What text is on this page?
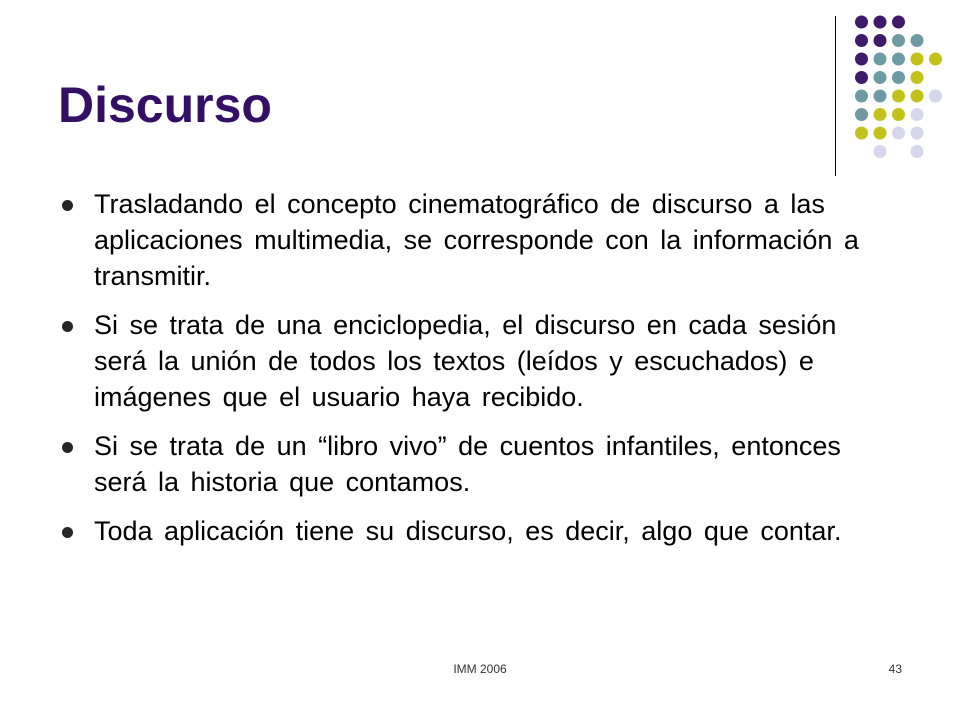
Discurso
Trasladando el concepto cinematográfico de discurso a las aplicaciones multimedia, se corresponde con la información a transmitir.
Si se trata de una enciclopedia, el discurso en cada sesión será la unión de todos los textos (leídos y escuchados) e imágenes que el usuario haya recibido.
Si se trata de un “libro vivo” de cuentos infantiles, entonces será la historia que contamos.
Toda aplicación tiene su discurso, es decir, algo que contar.
IMM 2006	43
